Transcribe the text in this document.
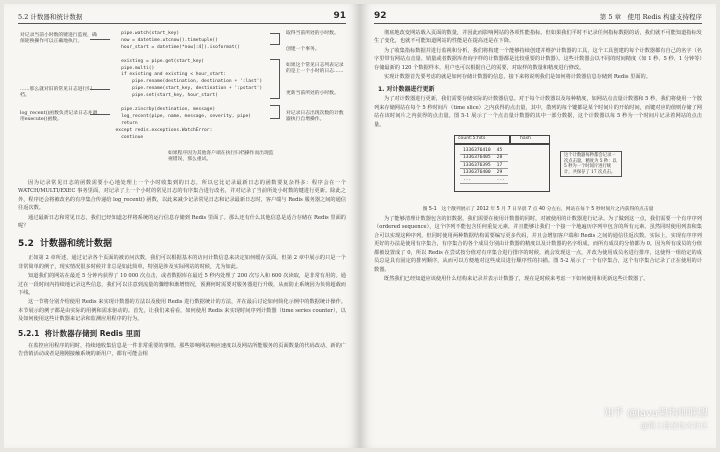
5.2 计数器和统计数据	91
pipe.watch(start_key)
now = datetime.utcnow().timetuple()
hour_start = datetime(*now[:4]).isoformat()

existing = pipe.get(start_key)
pipe.multi()
if existing and existing < hour_start:
pipe.rename(destination, destination + ':last')
pipe.rename(start_key, destination + ':pstart')
pipe.set(start_key, hour_start)

pipe.zincrby(destination, message)
log_recent(pipe, name, message, severity, pipe)
return
except redis.exceptions.WatchError:
continue
对记录当前小时数的键进行监视，确保轮换操作可以正确地执行。
……那么就对旧的常见日志进行归档。
log_recent()函数负责记录日志并调用execute()函数。
取得当前所处的小时数。
创建一个事务。
如果这个常见日志列表记录的是上一个小时的日志……
更新当前所处的小时数。
对记录日志出现次数的计数器执行自增操作。
如果程序因为其他客户端在执行归档操作而出现监视错误，那么重试。

因为记录常见日志的函数需要小心地处理上一个小时收集到的日志，所以它比记录最新日志的函数要复杂得多：程序会在一个 WATCH/MULTI/EXEC 事务里面，对记录了上一个小时的常见日志的有序集合进行改名，并对记录了当前所处小时数的键进行更新。除此之外，程序还会将被改名的有序集合传递给 log_recent() 函数，以此来减少记录常见日志和记录最新日志时，客户端与 Redis 服务器之间的通信往返次数。

通过最新日志和常见日志，我们已经知道怎样将系统的运行信息存储到 Redis 里面了。那么还有什么其他信息是适合存储在 Redis 里面的呢？

5.2 计数器和统计数据

正如第 2 章所述，通过记录各个页面的被访问次数，我们可以根据基本的访问计数信息来决定如何缓存页面。但第 2 章中展示的只是一个非常简单的例子，现实情况很多时候并非总是如此简单，特别是涉及实际网站的时候，尤为如此。

知道我们的网站在最近 5 分钟内获得了 10 000 次点击，或者数据库在最近 5 秒内处理了 200 次写入和 600 次读取，是非常有用的。通过在一段时间内持续地记录这些信息，我们可以注意到流量的骤增和渐增情况，预测何时需要对服务器进行升级，从而防止系统因为负荷超载而下线。

这一节将分别介绍使用 Redis 来实现计数器的方法以及使用 Redis 进行数据统计的方法，并在最后讨论如何简化示例中的数据统计操作。本节展示的例子都是由实际的用例和需求驱动的。首先，让我们来看看，如何使用 Redis 来实现时间序列计数器（time series counter），以及如何使用这些计数器来记录和监测应用程序的行为。

5.2.1 将计数器存储到 Redis 里面

在监控应用程序的同时，持续地收集信息是一件非常重要的事情。那些影响网站响应速度以及网站所能服务的页面数量的代码改动、新的广告营销活动或者是刚刚接触系统的新用户，都有可能会相

92	第 5 章　使用 Redis 构建支持程序

彻底地改变网站载入页面的数量，并因此而影响网站的各项性能指标。但如果我们平时不记录任何指标数据的话，我们就不可能知道指标发生了变化，也就不可能知道网站的性能是在提高还是在下降。

为了收集指标数据并进行监视和分析，我们将构建一个能够持续创建并维护计数器的工具，这个工具创建的每个计数器都有自己的名字（名字里带有网站点击量、销量或者数据库查询字样的计数器都是比较重要的计数器）。这些计数器会以不同的时间精度（如 1 秒、5 秒、1 分钟等）存储最新的 120 个数据样本，用户也可以根据自己的需要，对取样的数量和精度进行修改。

实现计数器首先要考虑的就是如何存储计数器的信息，接下来将说明我们是如何将计数器信息存储到 Redis 里面的。

1. 对计数器进行更新

为了对计数器进行更新，我们需要存储实际的计数器信息。对于每个计数器以及每种精度，如网站点击量计数器和 5 秒，我们将使用一个散列来存储网站在每个 5 秒时间片（time slice）之内获得的点击量，其中，散列的每个键都是某个时间片的开始时间，而键对应的值则存储了网站在该时间片之内获得的点击量。图 5-1 展示了一个点击量计数器的其中一部分数据，这个计数器以每 5 秒为一个时间片记录着网站的点击量。

count:5:hits	hash
1336376410	45
1336376405	28
1336376395	17
1336376400	29
...	...
这个计数器每秒都会记录一次点击量，精度为 5 秒：以 5 秒为一个时间片进行统计，共保存了 17 次点击。
图 5-1　这个散列展示了 2012 年 5 月 7 日早晨 7 点 40 分左右，网站在每个 5 秒时间片之内获得的点击量

为了能够清理计数器包含的旧数据，我们需要在使用计数器的同时，对被使用的计数器进行记录。为了做到这一点，我们需要一个有序序列（ordered sequence），这个序列不能包含任何重复元素，并且能够让我们一个接一个地遍历序列中包含的所有元素。虽然同时使用列表和集合可以实现这种序列，但同时使用两种数据结构需要编写更多代码，并且会增加客户端和 Redis 之间的通信往返次数。实际上，实现有序序列更好的办法是使用有序集合，有序集合的各个成员分别由计数器的精度以及计数器的名字组成，而所有成员的分值都为 0。因为所有成员的分值都被设置成了 0，所以 Redis 在尝试按分值对有序集合进行排序的时候，就会发现这一点，并改为使用成员名进行排序，这使得一组给定的成员总是具有固定的排列顺序，从而可以方便地对这些成员进行顺序性的扫描。图 5-2 展示了一个有序集合，这个有序集合记录了正在使用的计数器。

既然我们已经知道应该使用什么结构来记录并表示计数器了，现在是时候来考虑一下如何使用和更新这些计数器了。

知乎 @Java架构师联盟
@稀土掘金技术社区
